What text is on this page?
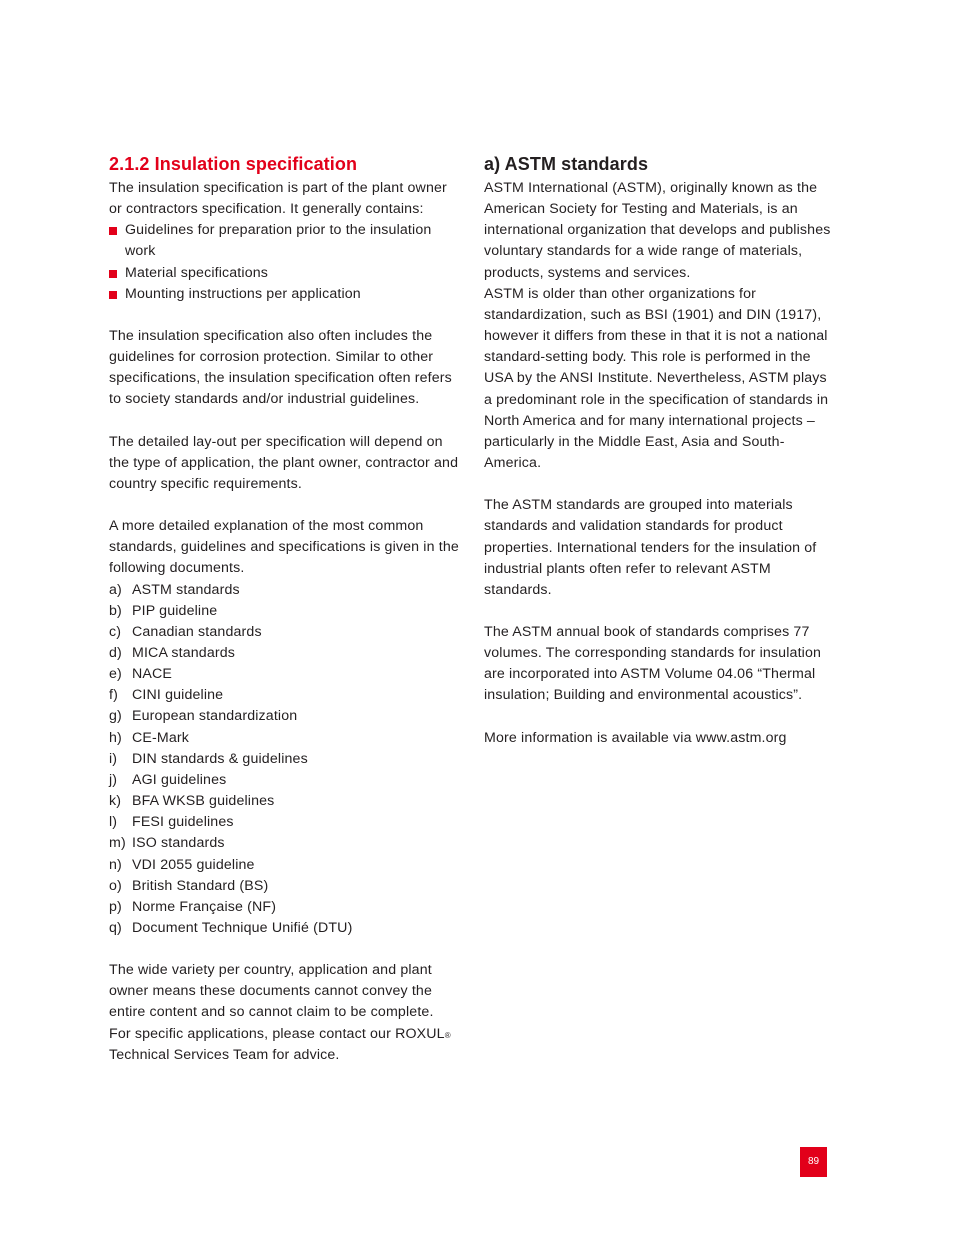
2.1.2 Insulation specification

The insulation specification is part of the plant owner or contractors specification. It generally contains:

Guidelines for preparation prior to the insulation work
Material specifications
Mounting instructions per application

The insulation specification also often includes the guidelines for corrosion protection. Similar to other specifications, the insulation specification often refers to society standards and/or industrial guidelines.

The detailed lay-out per specification will depend on the type of application, the plant owner, contractor and country specific requirements.

A more detailed explanation of the most common standards, guidelines and specifications is given in the following documents.

a) ASTM standards
b) PIP guideline
c) Canadian standards
d) MICA standards
e) NACE
f) CINI guideline
g) European standardization
h) CE-Mark
i) DIN standards & guidelines
j) AGI guidelines
k) BFA WKSB guidelines
l) FESI guidelines
m) ISO standards
n) VDI 2055 guideline
o) British Standard (BS)
p) Norme Française (NF)
q) Document Technique Unifié (DTU)

The wide variety per country, application and plant owner means these documents cannot convey the entire content and so cannot claim to be complete. For specific applications, please contact our ROXUL® Technical Services Team for advice.

a) ASTM standards

ASTM International (ASTM), originally known as the American Society for Testing and Materials, is an international organization that develops and publishes voluntary standards for a wide range of materials, products, systems and services.

ASTM is older than other organizations for standardization, such as BSI (1901) and DIN (1917), however it differs from these in that it is not a national standard-setting body. This role is performed in the USA by the ANSI Institute. Nevertheless, ASTM plays a predominant role in the specification of standards in North America and for many international projects – particularly in the Middle East, Asia and South-America.

The ASTM standards are grouped into materials standards and validation standards for product properties. International tenders for the insulation of industrial plants often refer to relevant ASTM standards.

The ASTM annual book of standards comprises 77 volumes. The corresponding standards for insulation are incorporated into ASTM Volume 04.06 “Thermal insulation; Building and environmental acoustics”.

More information is available via www.astm.org

89
